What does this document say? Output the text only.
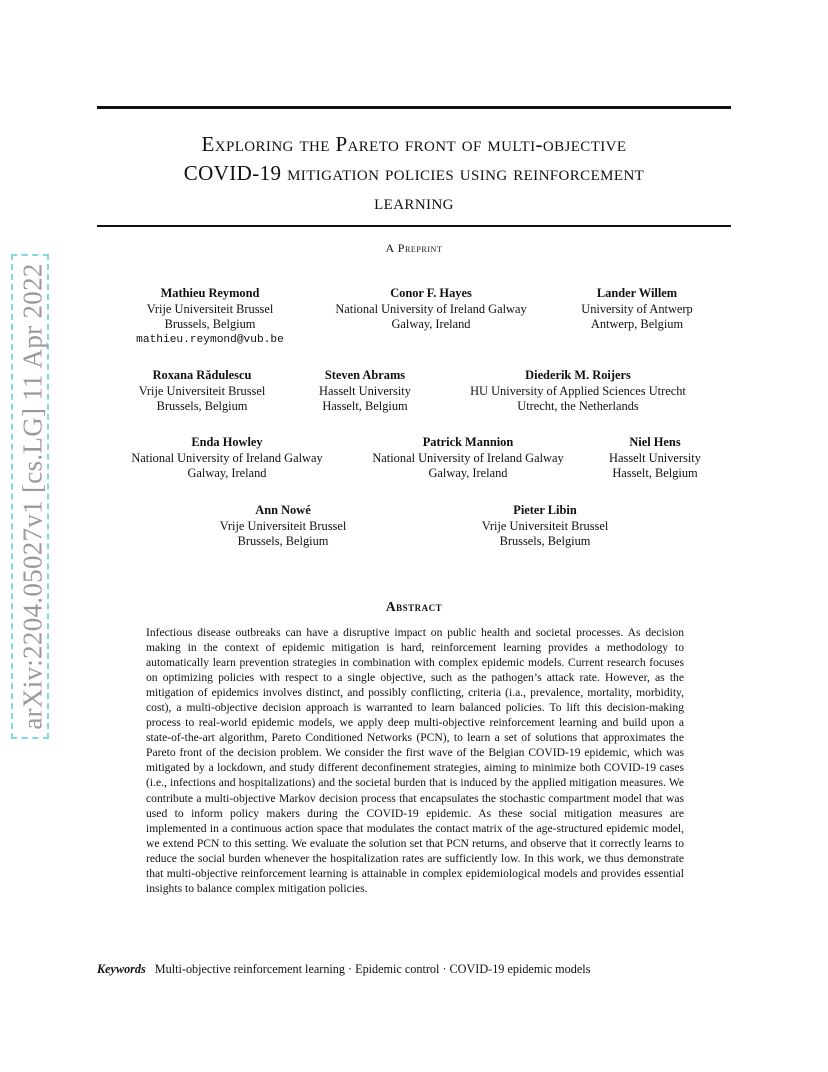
arXiv:2204.05027v1 [cs.LG] 11 Apr 2022
Exploring the Pareto front of multi-objective
COVID-19 mitigation policies using reinforcement
learning
A Preprint
Mathieu Reymond
Vrije Universiteit Brussel
Brussels, Belgium
mathieu.reymond@vub.be
Conor F. Hayes
National University of Ireland Galway
Galway, Ireland
Lander Willem
University of Antwerp
Antwerp, Belgium
Roxana Rădulescu
Vrije Universiteit Brussel
Brussels, Belgium
Steven Abrams
Hasselt University
Hasselt, Belgium
Diederik M. Roijers
HU University of Applied Sciences Utrecht
Utrecht, the Netherlands
Enda Howley
National University of Ireland Galway
Galway, Ireland
Patrick Mannion
National University of Ireland Galway
Galway, Ireland
Niel Hens
Hasselt University
Hasselt, Belgium
Ann Nowé
Vrije Universiteit Brussel
Brussels, Belgium
Pieter Libin
Vrije Universiteit Brussel
Brussels, Belgium
Abstract
Infectious disease outbreaks can have a disruptive impact on public health and societal processes. As decision making in the context of epidemic mitigation is hard, reinforcement learning provides a methodology to automatically learn prevention strategies in combination with complex epidemic models. Current research focuses on optimizing policies with respect to a single objective, such as the pathogen’s attack rate. However, as the mitigation of epidemics involves distinct, and possibly conflicting, criteria (i.a., prevalence, mortality, morbidity, cost), a multi-objective decision approach is warranted to learn balanced policies. To lift this decision-making process to real-world epidemic models, we apply deep multi-objective reinforcement learning and build upon a state-of-the-art algorithm, Pareto Conditioned Networks (PCN), to learn a set of solutions that approximates the Pareto front of the decision problem. We consider the first wave of the Belgian COVID-19 epidemic, which was mitigated by a lockdown, and study different deconfinement strategies, aiming to minimize both COVID-19 cases (i.e., infections and hospitalizations) and the societal burden that is induced by the applied mitigation measures. We contribute a multi-objective Markov decision process that encapsulates the stochastic compartment model that was used to inform policy makers during the COVID-19 epidemic. As these social mitigation measures are implemented in a continuous action space that modulates the contact matrix of the age-structured epidemic model, we extend PCN to this setting. We evaluate the solution set that PCN returns, and observe that it correctly learns to reduce the social burden whenever the hospitalization rates are sufficiently low. In this work, we thus demonstrate that multi-objective reinforcement learning is attainable in complex epidemiological models and provides essential insights to balance complex mitigation policies.
Keywords Multi-objective reinforcement learning · Epidemic control · COVID-19 epidemic models
